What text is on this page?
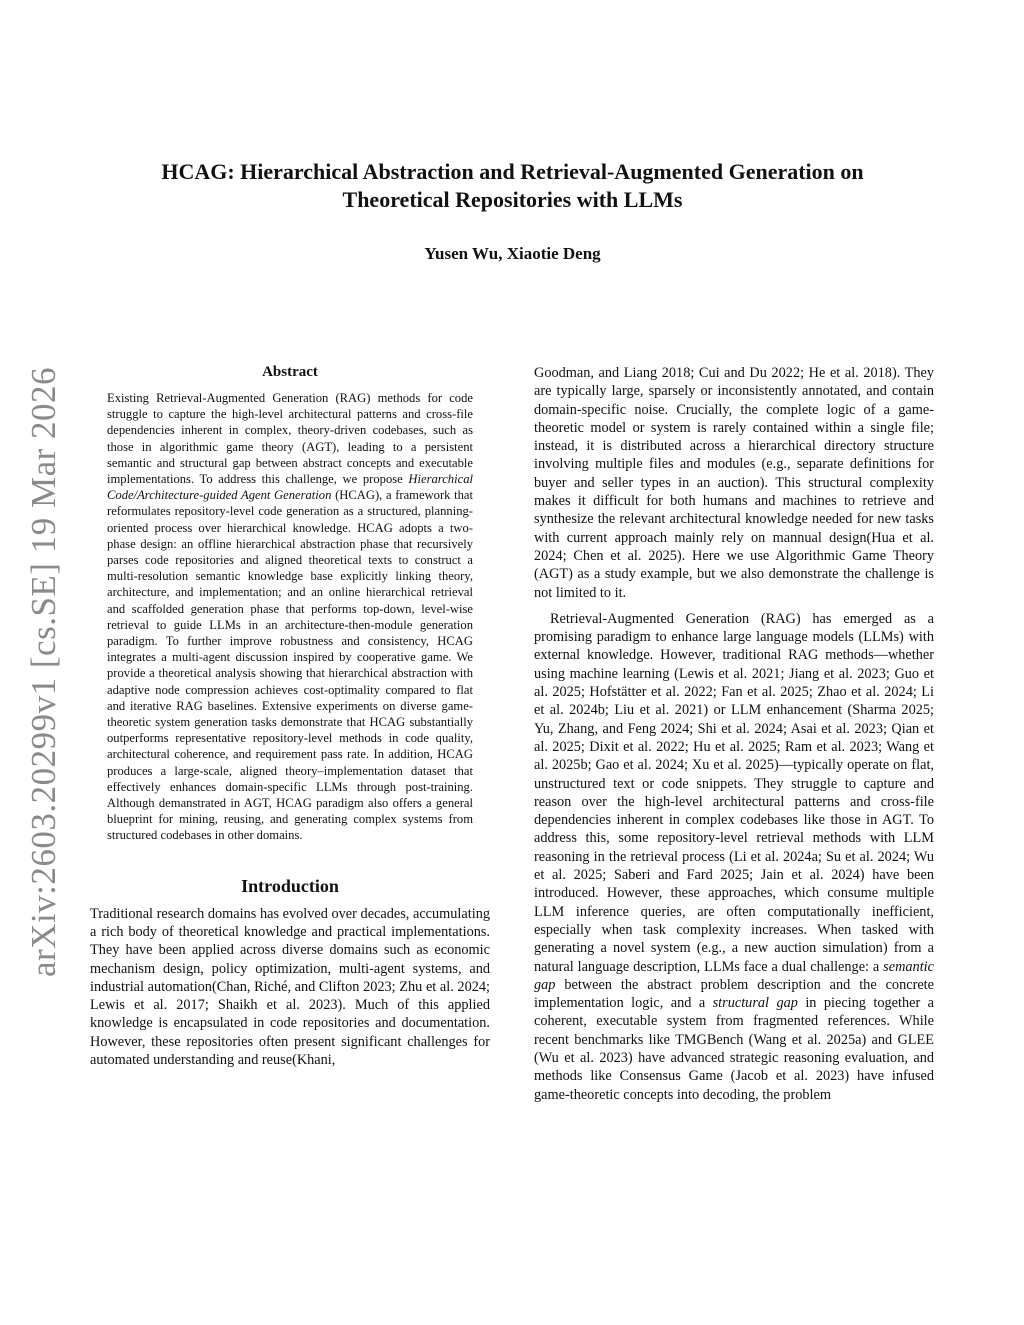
arXiv:2603.20299v1 [cs.SE] 19 Mar 2026
HCAG: Hierarchical Abstraction and Retrieval-Augmented Generation on
Theoretical Repositories with LLMs
Yusen Wu, Xiaotie Deng
Abstract

Existing Retrieval-Augmented Generation (RAG) methods for code struggle to capture the high-level architectural patterns and cross-file dependencies inherent in complex, theory-driven codebases, such as those in algorithmic game theory (AGT), leading to a persistent semantic and structural gap between abstract concepts and executable implementations. To address this challenge, we propose Hierarchical Code/Architecture-guided Agent Generation (HCAG), a framework that reformulates repository-level code generation as a structured, planning-oriented process over hierarchical knowledge. HCAG adopts a two-phase design: an offline hierarchical abstraction phase that recursively parses code repositories and aligned theoretical texts to construct a multi-resolution semantic knowledge base explicitly linking theory, architecture, and implementation; and an online hierarchical retrieval and scaffolded generation phase that performs top-down, level-wise retrieval to guide LLMs in an architecture-then-module generation paradigm. To further improve robustness and consistency, HCAG integrates a multi-agent discussion inspired by cooperative game. We provide a theoretical analysis showing that hierarchical abstraction with adaptive node compression achieves cost-optimality compared to flat and iterative RAG baselines. Extensive experiments on diverse game-theoretic system generation tasks demonstrate that HCAG substantially outperforms representative repository-level methods in code quality, architectural coherence, and requirement pass rate. In addition, HCAG produces a large-scale, aligned theory–implementation dataset that effectively enhances domain-specific LLMs through post-training. Although demanstrated in AGT, HCAG paradigm also offers a general blueprint for mining, reusing, and generating complex systems from structured codebases in other domains.

Introduction

Traditional research domains has evolved over decades, accumulating a rich body of theoretical knowledge and practical implementations. They have been applied across diverse domains such as economic mechanism design, policy optimization, multi-agent systems, and industrial automation(Chan, Riché, and Clifton 2023; Zhu et al. 2024; Lewis et al. 2017; Shaikh et al. 2023). Much of this applied knowledge is encapsulated in code repositories and documentation. However, these repositories often present significant challenges for automated understanding and reuse(Khani,

Goodman, and Liang 2018; Cui and Du 2022; He et al. 2018). They are typically large, sparsely or inconsistently annotated, and contain domain-specific noise. Crucially, the complete logic of a game-theoretic model or system is rarely contained within a single file; instead, it is distributed across a hierarchical directory structure involving multiple files and modules (e.g., separate definitions for buyer and seller types in an auction). This structural complexity makes it difficult for both humans and machines to retrieve and synthesize the relevant architectural knowledge needed for new tasks with current approach mainly rely on mannual design(Hua et al. 2024; Chen et al. 2025). Here we use Algorithmic Game Theory (AGT) as a study example, but we also demonstrate the challenge is not limited to it.

Retrieval-Augmented Generation (RAG) has emerged as a promising paradigm to enhance large language models (LLMs) with external knowledge. However, traditional RAG methods—whether using machine learning (Lewis et al. 2021; Jiang et al. 2023; Guo et al. 2025; Hofstätter et al. 2022; Fan et al. 2025; Zhao et al. 2024; Li et al. 2024b; Liu et al. 2021) or LLM enhancement (Sharma 2025; Yu, Zhang, and Feng 2024; Shi et al. 2024; Asai et al. 2023; Qian et al. 2025; Dixit et al. 2022; Hu et al. 2025; Ram et al. 2023; Wang et al. 2025b; Gao et al. 2024; Xu et al. 2025)—typically operate on flat, unstructured text or code snippets. They struggle to capture and reason over the high-level architectural patterns and cross-file dependencies inherent in complex codebases like those in AGT. To address this, some repository-level retrieval methods with LLM reasoning in the retrieval process (Li et al. 2024a; Su et al. 2024; Wu et al. 2025; Saberi and Fard 2025; Jain et al. 2024) have been introduced. However, these approaches, which consume multiple LLM inference queries, are often computationally inefficient, especially when task complexity increases. When tasked with generating a novel system (e.g., a new auction simulation) from a natural language description, LLMs face a dual challenge: a semantic gap between the abstract problem description and the concrete implementation logic, and a structural gap in piecing together a coherent, executable system from fragmented references. While recent benchmarks like TMGBench (Wang et al. 2025a) and GLEE (Wu et al. 2023) have advanced strategic reasoning evaluation, and methods like Consensus Game (Jacob et al. 2023) have infused game-theoretic concepts into decoding, the problem
